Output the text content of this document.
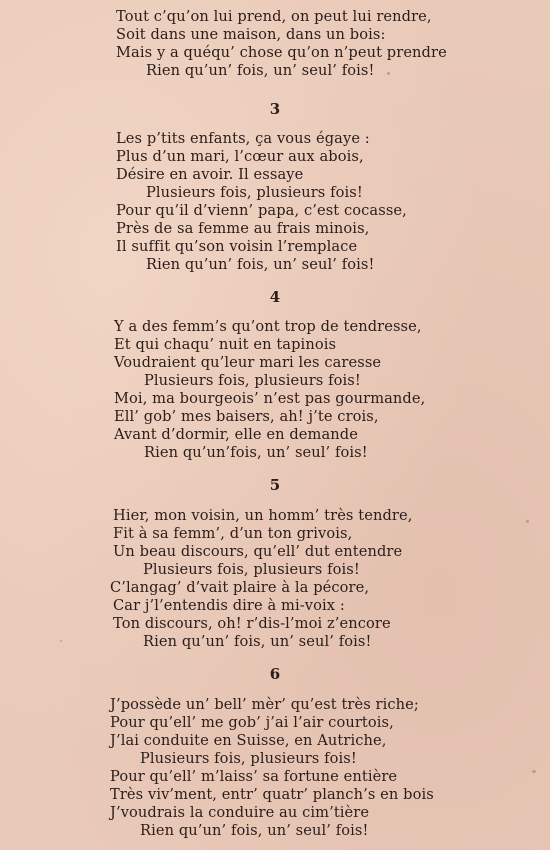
Tout c’qu’on lui prend, on peut lui rendre,
Soit dans une maison, dans un bois:
Mais y a quéqu’ chose qu’on n’peut prendre
Rien qu’un’ fois, un’ seul’ fois!
3
Les p’tits enfants, ça vous égaye :
Plus d’un mari, l’cœur aux abois,
Désire en avoir. Il essaye
Plusieurs fois, plusieurs fois!
Pour qu’il d’vienn’ papa, c’est cocasse,
Près de sa femme au frais minois,
Il suffit qu’son voisin l’remplace
Rien qu’un’ fois, un’ seul’ fois!
4
Y a des femm’s qu’ont trop de tendresse,
Et qui chaqu’ nuit en tapinois
Voudraient qu’leur mari les caresse
Plusieurs fois, plusieurs fois!
Moi, ma bourgeois’ n’est pas gourmande,
Ell’ gob’ mes baisers, ah! j’te crois,
Avant d’dormir, elle en demande
Rien qu’un’fois, un’ seul’ fois!
5
Hier, mon voisin, un homm’ très tendre,
Fit à sa femm’, d’un ton grivois,
Un beau discours, qu’ell’ dut entendre
Plusieurs fois, plusieurs fois!
C’langag’ d’vait plaire à la pécore,
Car j’l’entendis dire à mi-voix :
Ton discours, oh! r’dis-l’moi z’encore
Rien qu’un’ fois, un’ seul’ fois!
6
J’possède un’ bell’ mèr’ qu’est très riche;
Pour qu’ell’ me gob’ j’ai l’air courtois,
J’lai conduite en Suisse, en Autriche,
Plusieurs fois, plusieurs fois!
Pour qu’ell’ m’laiss’ sa fortune entière
Très viv’ment, entr’ quatr’ planch’s en bois
J’voudrais la conduire au cim’tière
Rien qu’un’ fois, un’ seul’ fois!
